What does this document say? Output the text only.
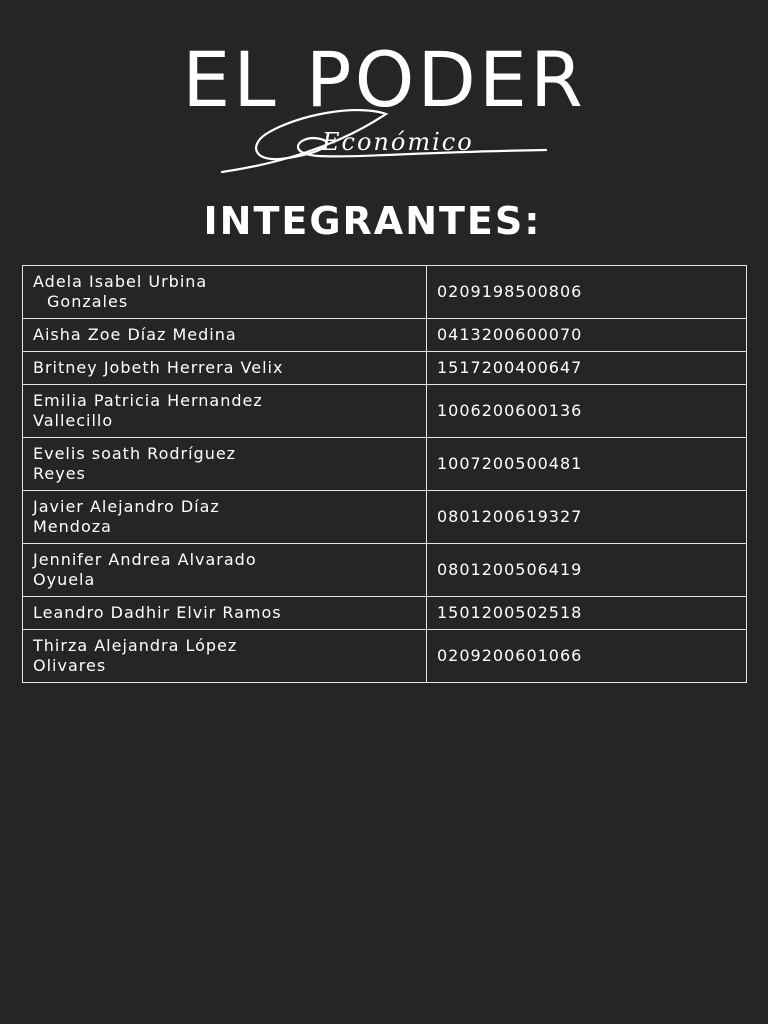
EL PODER
Económico
INTEGRANTES:
Adela Isabel Urbina
Gonzales	0209198500806
Aisha Zoe Díaz Medina	0413200600070
Britney Jobeth Herrera Velix	1517200400647
Emilia Patricia Hernandez
Vallecillo	1006200600136
Evelis soath Rodríguez
Reyes	1007200500481
Javier Alejandro Díaz
Mendoza	0801200619327
Jennifer Andrea Alvarado
Oyuela	0801200506419
Leandro Dadhir Elvir Ramos	1501200502518
Thirza Alejandra López
Olivares	0209200601066
